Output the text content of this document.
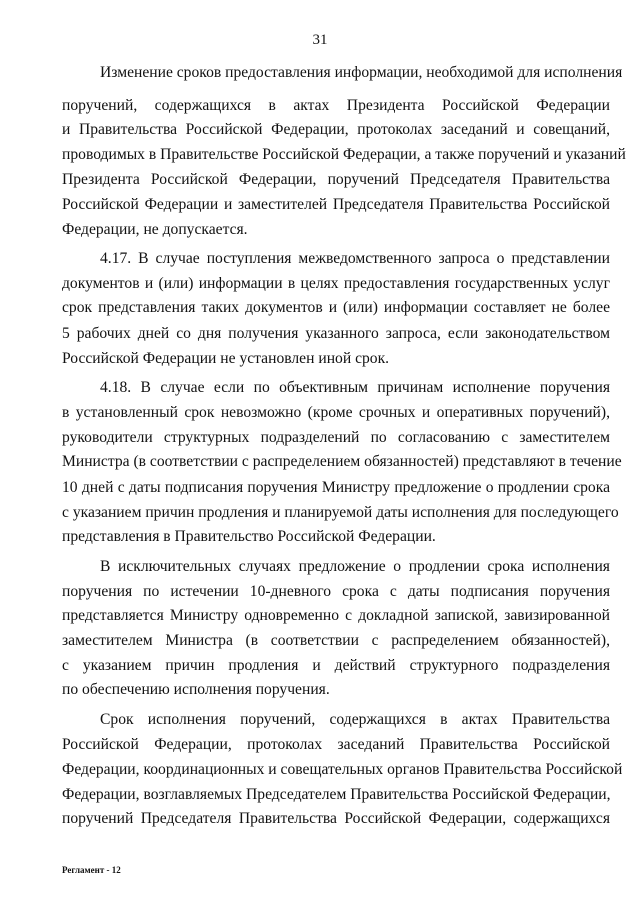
31
Изменение сроков предоставления информации, необходимой для исполнения
поручений, содержащихся в актах Президента Российской Федерации
и Правительства Российской Федерации, протоколах заседаний и совещаний,
проводимых в Правительстве Российской Федерации, а также поручений и указаний
Президента Российской Федерации, поручений Председателя Правительства
Российской Федерации и заместителей Председателя Правительства Российской
Федерации, не допускается.
4.17. В случае поступления межведомственного запроса о представлении
документов и (или) информации в целях предоставления государственных услуг
срок представления таких документов и (или) информации составляет не более
5 рабочих дней со дня получения указанного запроса, если законодательством
Российской Федерации не установлен иной срок.
4.18. В случае если по объективным причинам исполнение поручения
в установленный срок невозможно (кроме срочных и оперативных поручений),
руководители структурных подразделений по согласованию с заместителем
Министра (в соответствии с распределением обязанностей) представляют в течение
10 дней с даты подписания поручения Министру предложение о продлении срока
с указанием причин продления и планируемой даты исполнения для последующего
представления в Правительство Российской Федерации.
В исключительных случаях предложение о продлении срока исполнения
поручения по истечении 10-дневного срока с даты подписания поручения
представляется Министру одновременно с докладной запиской, завизированной
заместителем Министра (в соответствии с распределением обязанностей),
с указанием причин продления и действий структурного подразделения
по обеспечению исполнения поручения.
Срок исполнения поручений, содержащихся в актах Правительства
Российской Федерации, протоколах заседаний Правительства Российской
Федерации, координационных и совещательных органов Правительства Российской
Федерации, возглавляемых Председателем Правительства Российской Федерации,
поручений Председателя Правительства Российской Федерации, содержащихся
Регламент - 12
